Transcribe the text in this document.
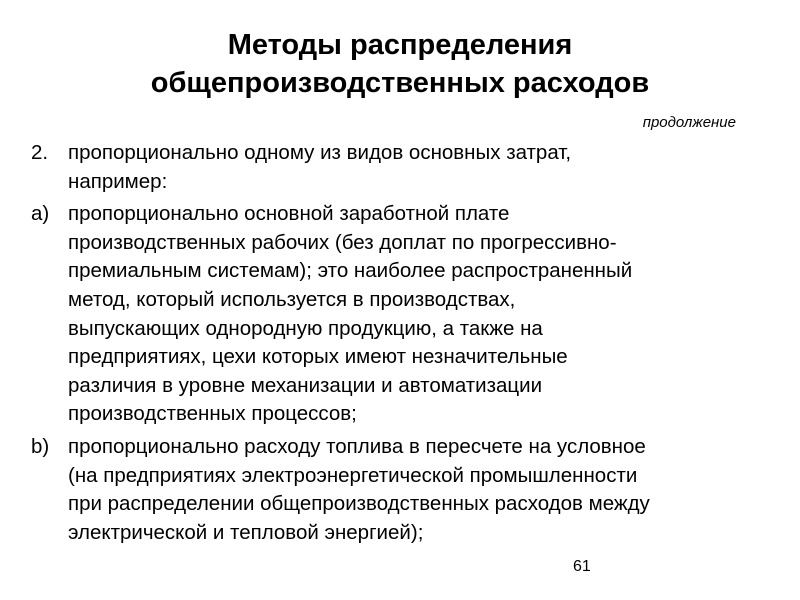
Методы распределения
общепроизводственных расходов
продолжение
2. пропорционально одному из видов основных затрат,
например:
a) пропорционально основной заработной плате
производственных рабочих (без доплат по прогрессивно-
премиальным системам); это наиболее распространенный
метод, который используется в производствах,
выпускающих однородную продукцию, а также на
предприятиях, цехи которых имеют незначительные
различия в уровне механизации и автоматизации
производственных процессов;
b) пропорционально расходу топлива в пересчете на условное
(на предприятиях электроэнергетической промышленности
при распределении общепроизводственных расходов между
электрической и тепловой энергией);
61
